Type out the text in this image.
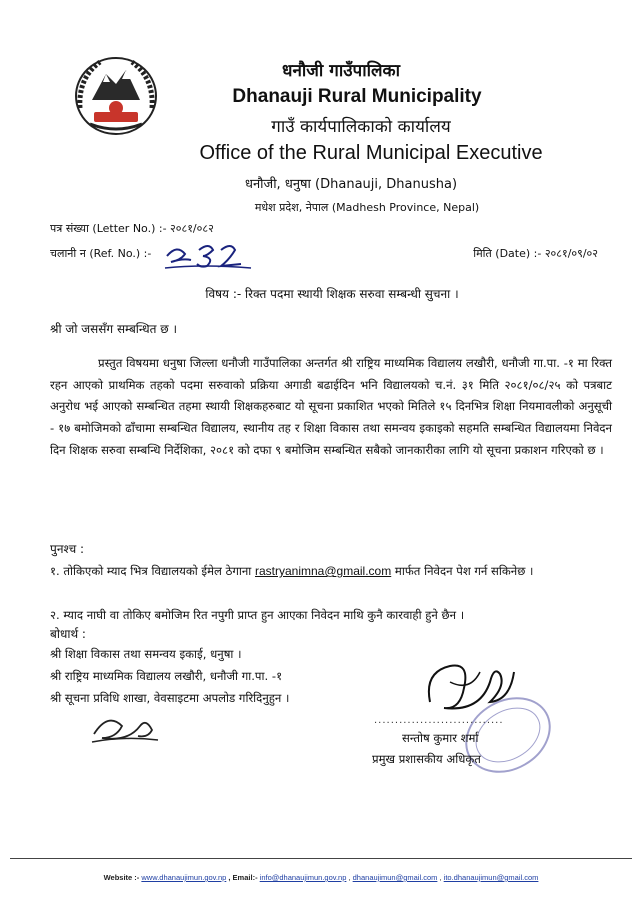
धनौजी गाउँपालिका
Dhanauji Rural Municipality
गाउँ कार्यपालिकाको कार्यालय
Office of the Rural Municipal Executive
धनौजी, धनुषा (Dhanauji, Dhanusha)
मधेश प्रदेश, नेपाल (Madhesh Province, Nepal)
पत्र संख्या (Letter No.) :- २०८१/०८२
चलानी न (Ref. No.) :-	मिति (Date) :- २०८१/०९/०२
विषय :- रिक्त पदमा स्थायी शिक्षक सरुवा सम्बन्धी सुचना ।
श्री जो जससँग सम्बन्धित छ ।

प्रस्तुत विषयमा धनुषा जिल्ला धनौजी गाउँपालिका अन्तर्गत श्री राष्ट्रिय माध्यमिक विद्यालय लखौरी, धनौजी गा.पा. -१ मा रिक्त रहन आएको प्राथमिक तहको पदमा सरुवाको प्रक्रिया अगाडी बढाईदिन भनि विद्यालयको च.नं. ३१ मिति २०८१/०८/२५ को पत्रबाट अनुरोध भई आएको सम्बन्धित तहमा स्थायी शिक्षकहरुबाट यो सूचना प्रकाशित भएको मितिले १५ दिनभित्र शिक्षा नियमावलीको अनुसूची - १७ बमोजिमको ढाँचामा सम्बन्धित विद्यालय, स्थानीय तह र शिक्षा विकास तथा समन्वय इकाइको सहमति सम्बन्धित विद्यालयमा निवेदन दिन शिक्षक सरुवा सम्बन्धि निर्देशिका, २०८१ को दफा ९ बमोजिम सम्बन्धित सबैको जानकारीका लागि यो सूचना प्रकाशन गरिएको छ ।

पुनश्च :
१. तोकिएको म्याद भित्र विद्यालयको ईमेल ठेगाना rastryanimna@gmail.com मार्फत निवेदन पेश गर्न सकिनेछ ।
२. म्याद नाघी वा तोकिए बमोजिम रित नपुगी प्राप्त हुन आएका निवेदन माथि कुनै कारवाही हुने छैन ।
बोधार्थ :
श्री शिक्षा विकास तथा समन्वय इकाई, धनुषा ।
श्री राष्ट्रिय माध्यमिक विद्यालय लखौरी, धनौजी गा.पा. -१
श्री सूचना प्रविधि शाखा, वेवसाइटमा अपलोड गरिदिनुहुन ।
...............................
सन्तोष कुमार शर्मा
प्रमुख प्रशासकीय अधिकृत
Website :- www.dhanaujimun.gov.np , Email:- info@dhanaujimun.gov.np , dhanaujimun@gmail.com , ito.dhanaujimun@gmail.com
